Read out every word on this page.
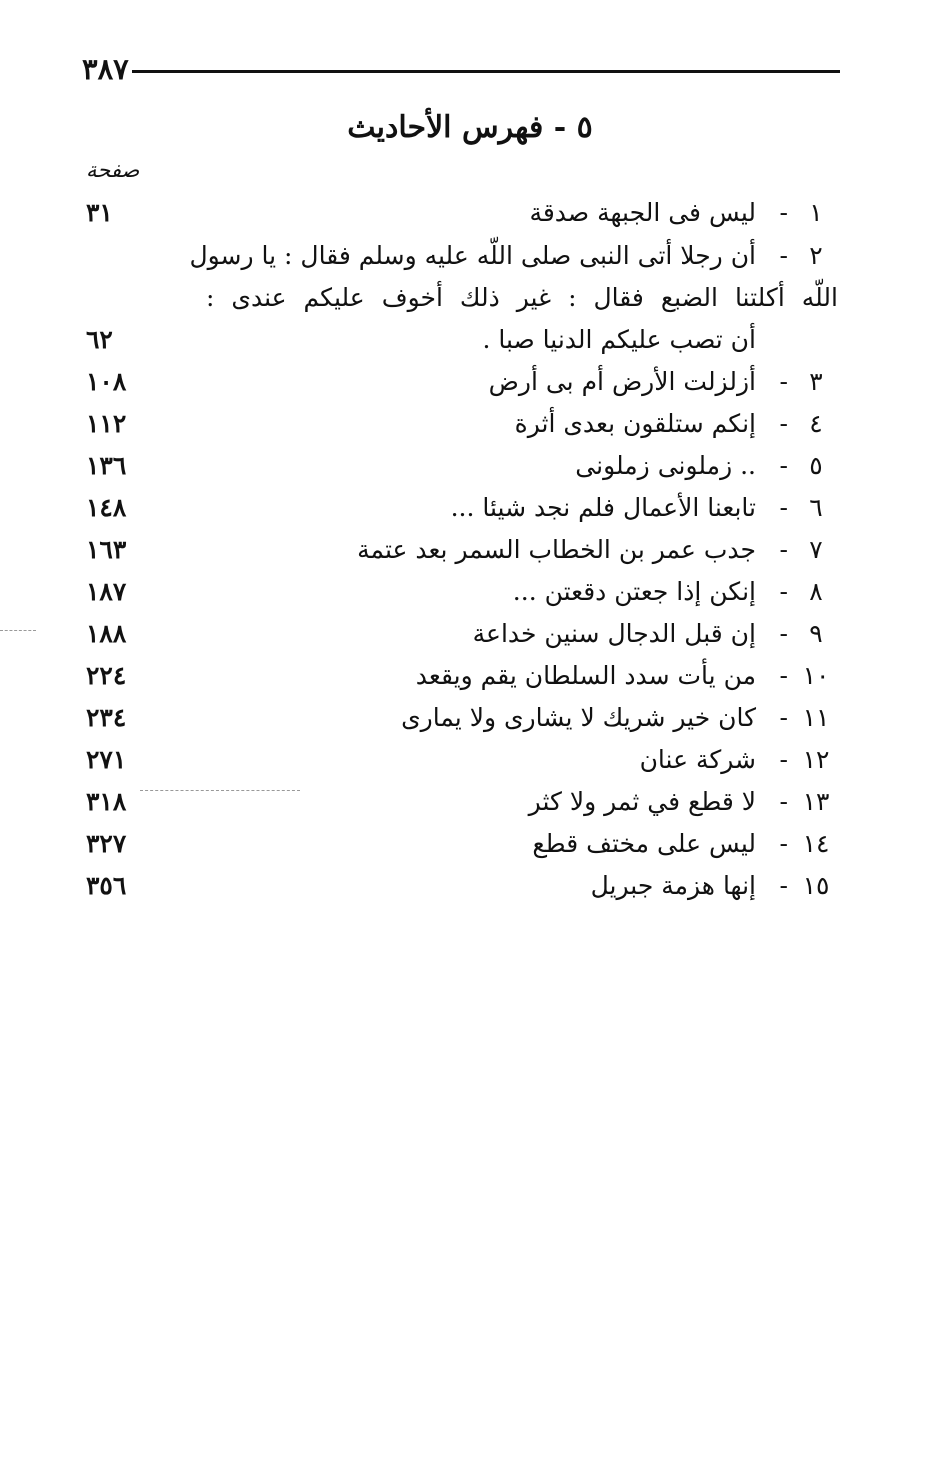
٣٨٧
٥ - فهرس الأحاديث
صفحة
١
-
ليس فى الجبهة صدقة
٣١
٢
-
أن رجلا أتى النبى صلى اللّه عليه وسلم فقال : يا رسول
اللّه أكلتنا الضبع فقال : غير ذلك أخوف عليكم عندى :
أن تصب عليكم الدنيا صبا .
٦٢
٣
-
أزلزلت الأرض أم بى أرض
١٠٨
٤
-
إنكم ستلقون بعدى أثرة
١١٢
٥
-
.. زملونى زملونى
١٣٦
٦
-
تابعنا الأعمال فلم نجد شيئا ...
١٤٨
٧
-
جدب عمر بن الخطاب السمر بعد عتمة
١٦٣
٨
-
إنكن إذا جعتن دقعتن ...
١٨٧
٩
-
إن قبل الدجال سنين خداعة
١٨٨
١٠
-
من يأت سدد السلطان يقم ويقعد
٢٢٤
١١
-
كان خير شريك لا يشارى ولا يمارى
٢٣٤
١٢
-
شركة عنان
٢٧١
١٣
-
لا قطع في ثمر ولا كثر
٣١٨
١٤
-
ليس على مختف قطع
٣٢٧
١٥
-
إنها هزمة جبريل
٣٥٦
